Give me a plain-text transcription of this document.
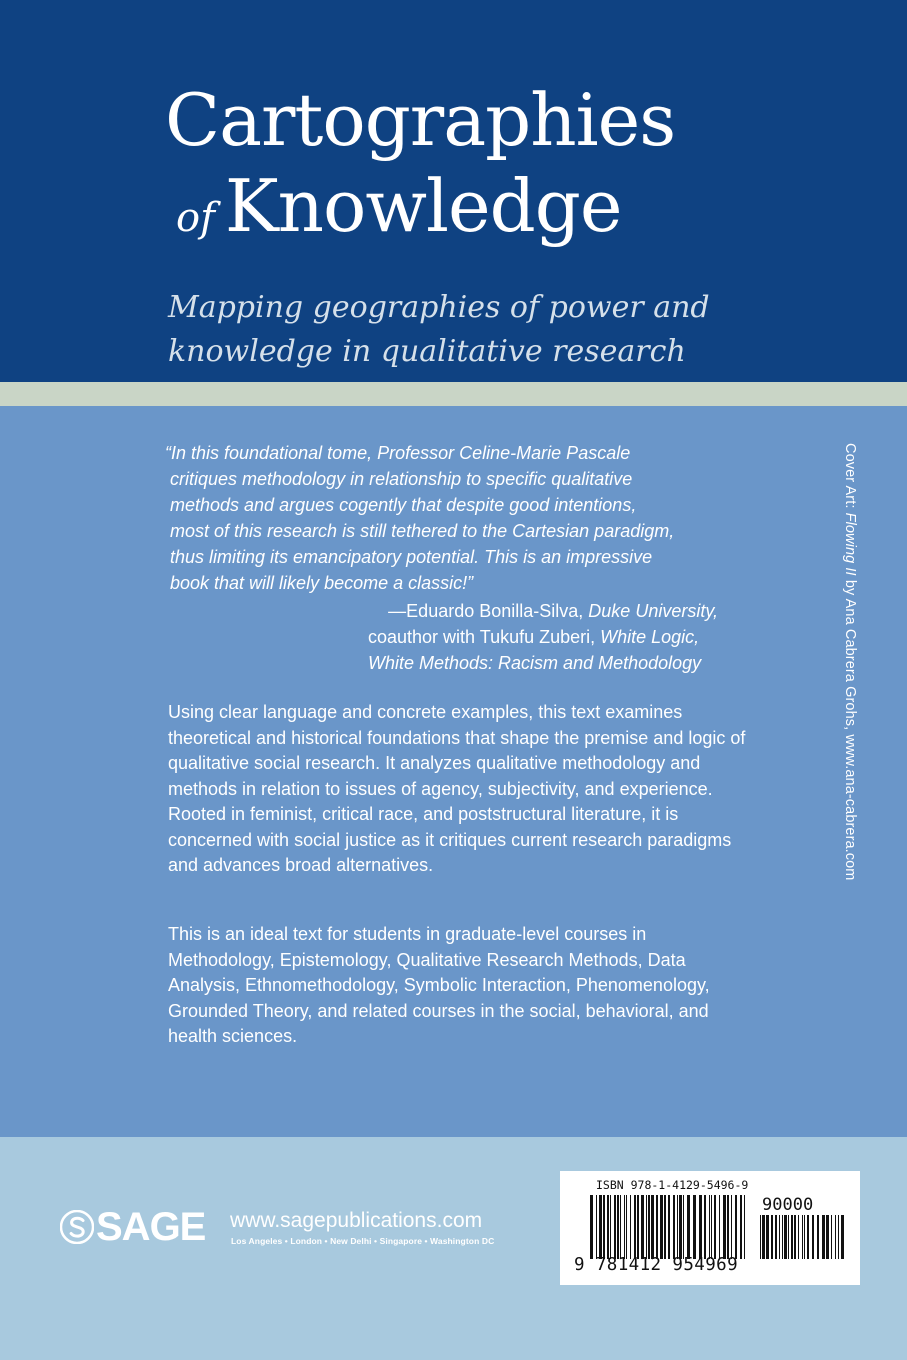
Cartographies
of Knowledge
Mapping geographies of power and
knowledge in qualitative research

“In this foundational tome, Professor Celine-Marie Pascale

critiques methodology in relationship to specific qualitative

methods and argues cogently that despite good intentions,

most of this research is still tethered to the Cartesian paradigm,

thus limiting its emancipatory potential. This is an impressive

book that will likely become a classic!”

—Eduardo Bonilla-Silva, Duke University,
coauthor with Tukufu Zuberi, White Logic,
White Methods: Racism and Methodology

Using clear language and concrete examples, this text examines theoretical and historical foundations that shape the premise and logic of qualitative social research. It analyzes qualitative methodology and methods in relation to issues of agency, subjectivity, and experience. Rooted in feminist, critical race, and poststructural literature, it is concerned with social justice as it critiques current research paradigms and advances broad alternatives.

This is an ideal text for students in graduate-level courses in Methodology, Epistemology, Qualitative Research Methods, Data Analysis, Ethnomethodology, Symbolic Interaction, Phenomenology, Grounded Theory, and related courses in the social, behavioral, and health sciences.

Cover Art: Flowing II by Ana Cabrera Grohs, www.ana-cabrera.com
SAGE www.sagepublications.com
Los Angeles • London • New Delhi • Singapore • Washington DC
ISBN 978-1-4129-5496-9
90000
9 781412 954969
